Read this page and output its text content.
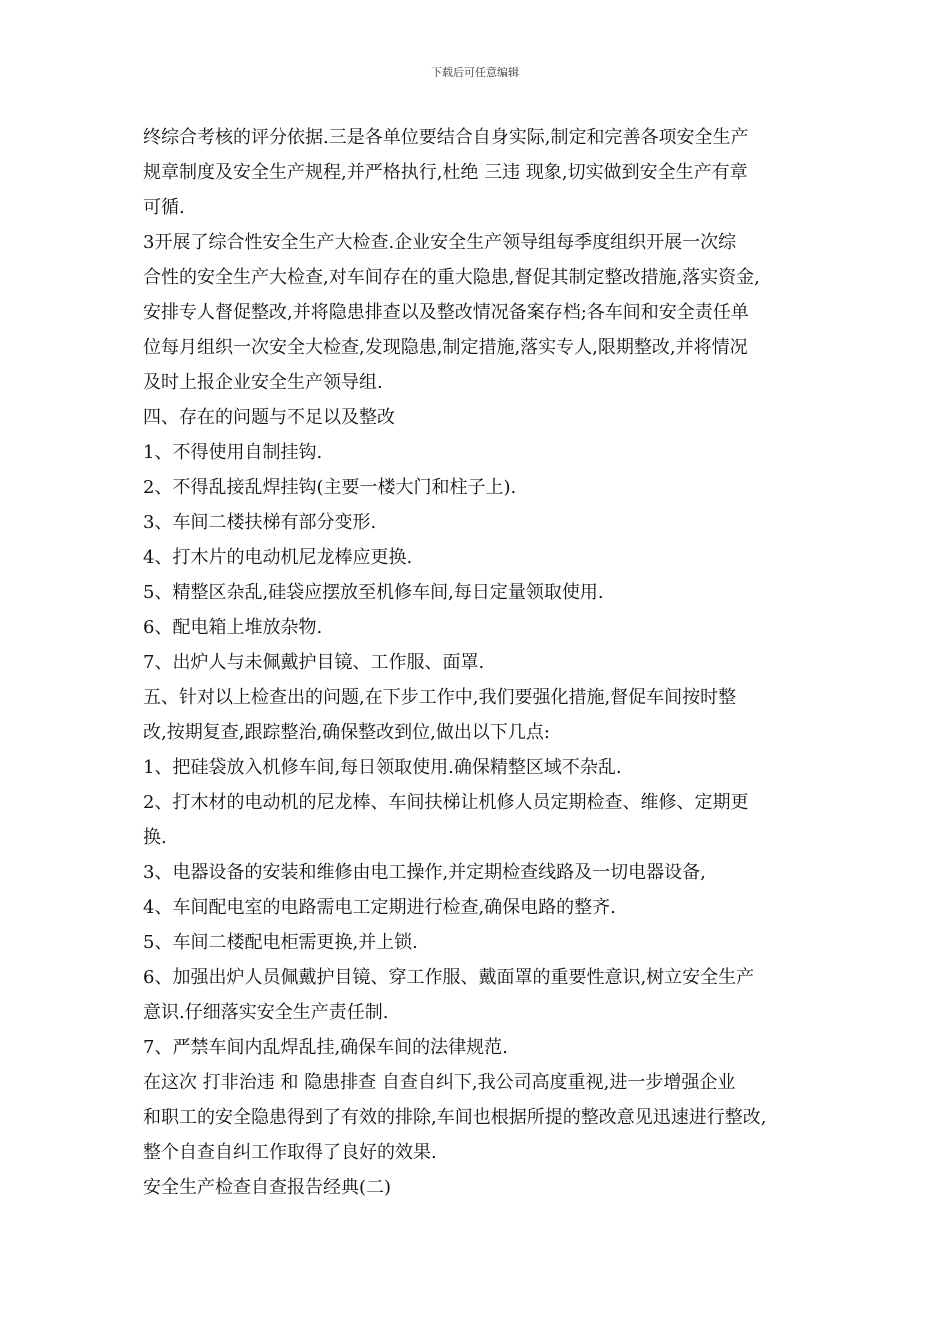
下载后可任意编辑
终综合考核的评分依据.三是各单位要结合自身实际,制定和完善各项安全生产
规章制度及安全生产规程,并严格执行,杜绝 三违 现象,切实做到安全生产有章
可循.
3开展了综合性安全生产大检查.企业安全生产领导组每季度组织开展一次综
合性的安全生产大检查,对车间存在的重大隐患,督促其制定整改措施,落实资金,
安排专人督促整改,并将隐患排查以及整改情况备案存档;各车间和安全责任单
位每月组织一次安全大检查,发现隐患,制定措施,落实专人,限期整改,并将情况
及时上报企业安全生产领导组.
四、存在的问题与不足以及整改
1、不得使用自制挂钩.
2、不得乱接乱焊挂钩(主要一楼大门和柱子上).
3、车间二楼扶梯有部分变形.
4、打木片的电动机尼龙棒应更换.
5、精整区杂乱,硅袋应摆放至机修车间,每日定量领取使用.
6、配电箱上堆放杂物.
7、出炉人与未佩戴护目镜、工作服、面罩.
五、针对以上检查出的问题,在下步工作中,我们要强化措施,督促车间按时整
改,按期复查,跟踪整治,确保整改到位,做出以下几点:
1、把硅袋放入机修车间,每日领取使用.确保精整区域不杂乱.
2、打木材的电动机的尼龙棒、车间扶梯让机修人员定期检查、维修、定期更
换.
3、电器设备的安装和维修由电工操作,并定期检查线路及一切电器设备,
4、车间配电室的电路需电工定期进行检查,确保电路的整齐.
5、车间二楼配电柜需更换,并上锁.
6、加强出炉人员佩戴护目镜、穿工作服、戴面罩的重要性意识,树立安全生产
意识.仔细落实安全生产责任制.
7、严禁车间内乱焊乱挂,确保车间的法律规范.
在这次 打非治违 和 隐患排查 自查自纠下,我公司高度重视,进一步增强企业
和职工的安全隐患得到了有效的排除,车间也根据所提的整改意见迅速进行整改,
整个自查自纠工作取得了良好的效果.
安全生产检查自查报告经典(二)
